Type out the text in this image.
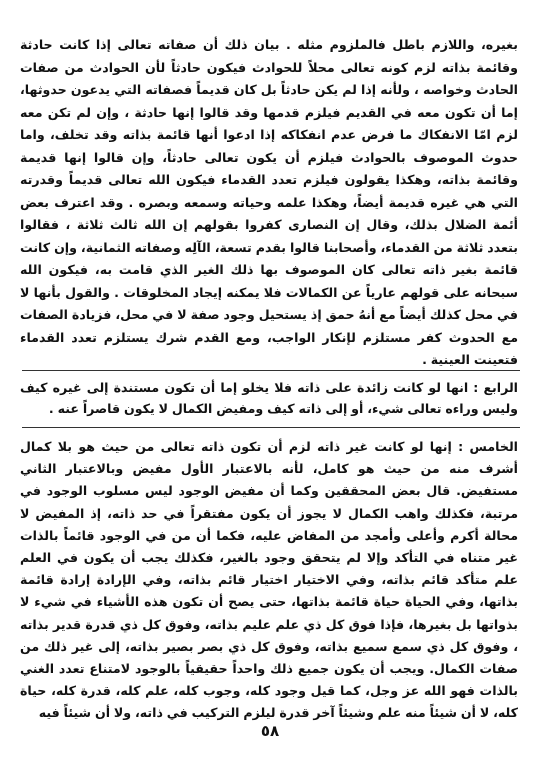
بغيره، واللازم باطل فالملزوم مثله . بيان ذلك أن صفاته تعالى إذا كانت حادثة وقائمة بذاته لزم كونه تعالى محلاً للحوادث فيكون حادثاً لأن الحوادث من صفات الحادث وخواصه ، ولأنه إذا لم يكن حادثاً بل كان قديماً فصفاته التي يدعون حدوثها، إما أن تكون معه في القديم فيلزم قدمها وقد قالوا إنها حادثة ، وإن لم تكن معه لزم امّا الانفكاك ما فرض عدم انفكاكه إذا ادعوا أنها قائمة بذاته وقد تخلف، واما حدوث الموصوف بالحوادث فيلزم أن يكون تعالى حادثاً، وإن قالوا إنها قديمة وقائمة بذاته، وهكذا يقولون فيلزم تعدد القدماء فيكون الله تعالى قديماً وقدرته التي هي غيره قديمة أيضاً، وهكذا علمه وحياته وسمعه وبصره . وقد اعترف بعض أئمة الضلال بذلك، وقال إن النصارى كفروا بقولهم إن الله ثالث ثلاثة ، فقالوا بتعدد ثلاثة من القدماء، وأصحابنا قالوا بقدم تسعة، الآلِه وصفاته الثمانية، وإن كانت قائمة بغير ذاته تعالى كان الموصوف بها ذلك الغير الذي قامت به، فيكون الله سبحانه على قولهم عارياً عن الكمالات فلا يمكنه إيجاد المخلوقات . والقول بأنها لا في محل كذلك أيضاً مع أنهُ حمق إذ يستحيل وجود صفة لا في محل، فزيادة الصفات مع الحدوث كفر مستلزم لإنكار الواجب، ومع القدم شرك يستلزم تعدد القدماء فتعينت العينية .

الرابع : انها لو كانت زائدة على ذاته فلا يخلو إما أن تكون مستندة إلى غيره كيف وليس وراءه تعالى شيء، أو إلى ذاته كيف ومفيض الكمال لا يكون قاصراً عنه .

الخامس : إنها لو كانت غير ذاته لزم أن تكون ذاته تعالى من حيث هو بلا كمال أشرف منه من حيث هو كامل، لأنه بالاعتبار الأول مفيض وبالاعتبار الثاني مستفيض. قال بعض المحققين وكما أن مفيض الوجود ليس مسلوب الوجود في مرتبة، فكذلك واهب الكمال لا يجوز أن يكون مفتقراً في حد ذاته، إذ المفيض لا محالة أكرم وأعلى وأمجد من المفاض عليه، فكما أن من في الوجود قائماً بالذات غير متناه في التأكد وإلا لم يتحقق وجود بالغير، فكذلك يجب أن يكون في العلم علم متأكد قائم بذاته، وفي الاختيار اختيار قائم بذاته، وفي الإرادة إرادة قائمة بذاتها، وفي الحياة حياة قائمة بذاتها، حتى يصح أن تكون هذه الأشياء في شيء لا بذواتها بل بغيرها، فإذا فوق كل ذي علم عليم بذاته، وفوق كل ذي قدرة قدير بذاته ، وفوق كل ذي سمع سميع بذاته، وفوق كل ذي بصر بصير بذاته، إلى غير ذلك من صفات الكمال. ويجب أن يكون جميع ذلك واحداً حقيقياً بالوجود لامتناع تعدد الغني بالذات فهو الله عز وجل، كما قيل وجود كله، وجوب كله، علم كله، قدرة كله، حياة كله، لا أن شيئاً منه علم وشيئاً آخر قدرة ليلزم التركيب في ذاته، ولا أن شيئاً فيه

٥٨
